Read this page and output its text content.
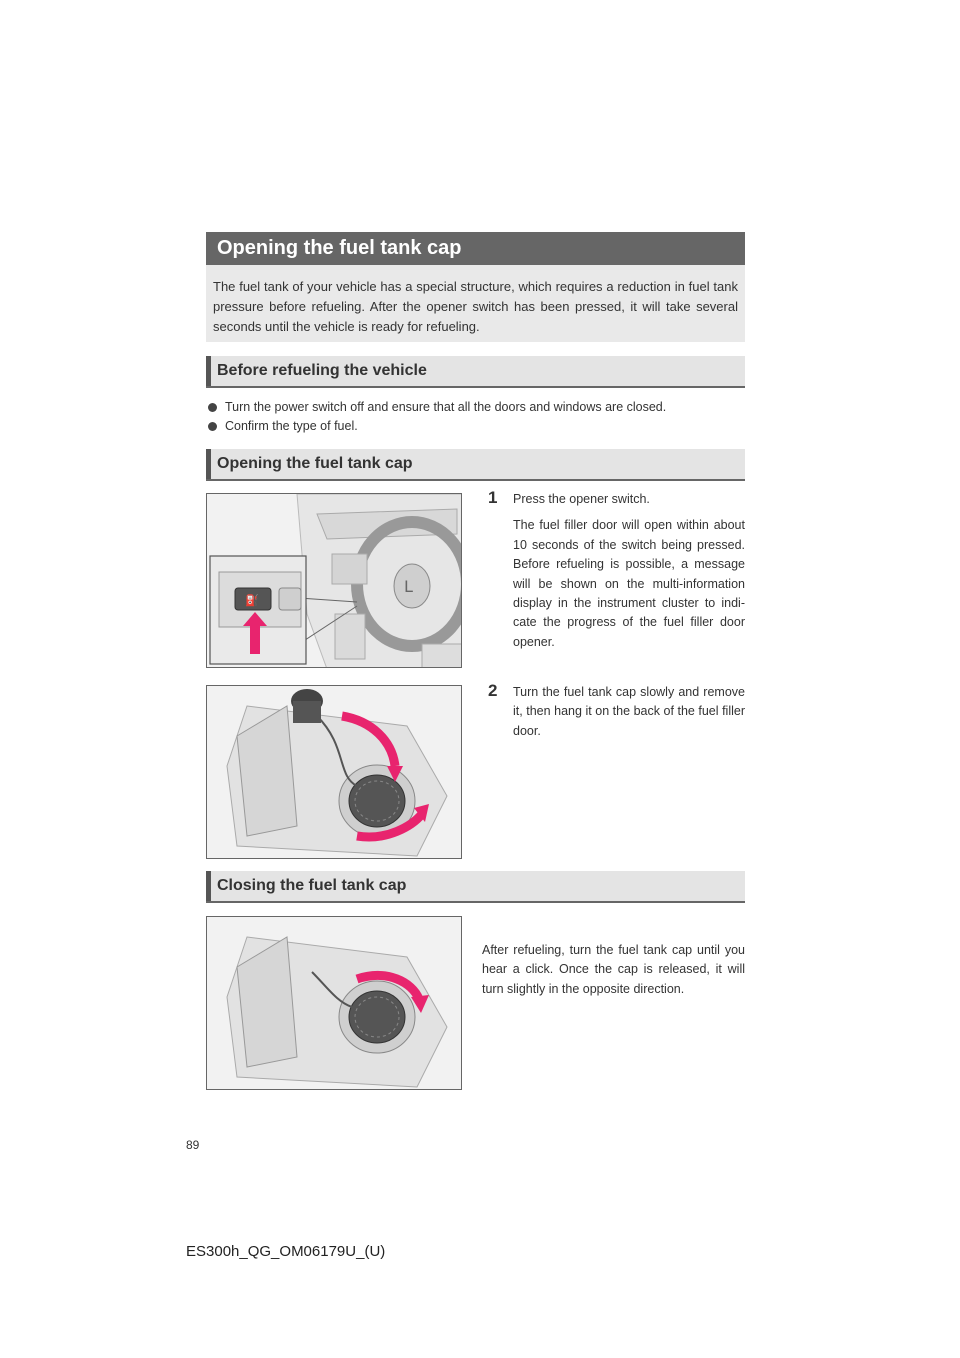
Opening the fuel tank cap
The fuel tank of your vehicle has a special structure, which requires a reduction in fuel tank pressure before refueling. After the opener switch has been pressed, it will take several seconds until the vehicle is ready for refueling.
Before refueling the vehicle
Turn the power switch off and ensure that all the doors and windows are closed.
Confirm the type of fuel.
Opening the fuel tank cap
L
⛽
1	Press the opener switch.
The fuel filler door will open within about 10 seconds of the switch being pressed. Before refueling is possible, a message will be shown on the multi-information display in the instrument cluster to indi-cate the progress of the fuel filler door opener.
2	Turn the fuel tank cap slowly and remove it, then hang it on the back of the fuel filler door.
Closing the fuel tank cap
After refueling, turn the fuel tank cap until you hear a click. Once the cap is released, it will turn slightly in the opposite direction.
89
ES300h_QG_OM06179U_(U)
